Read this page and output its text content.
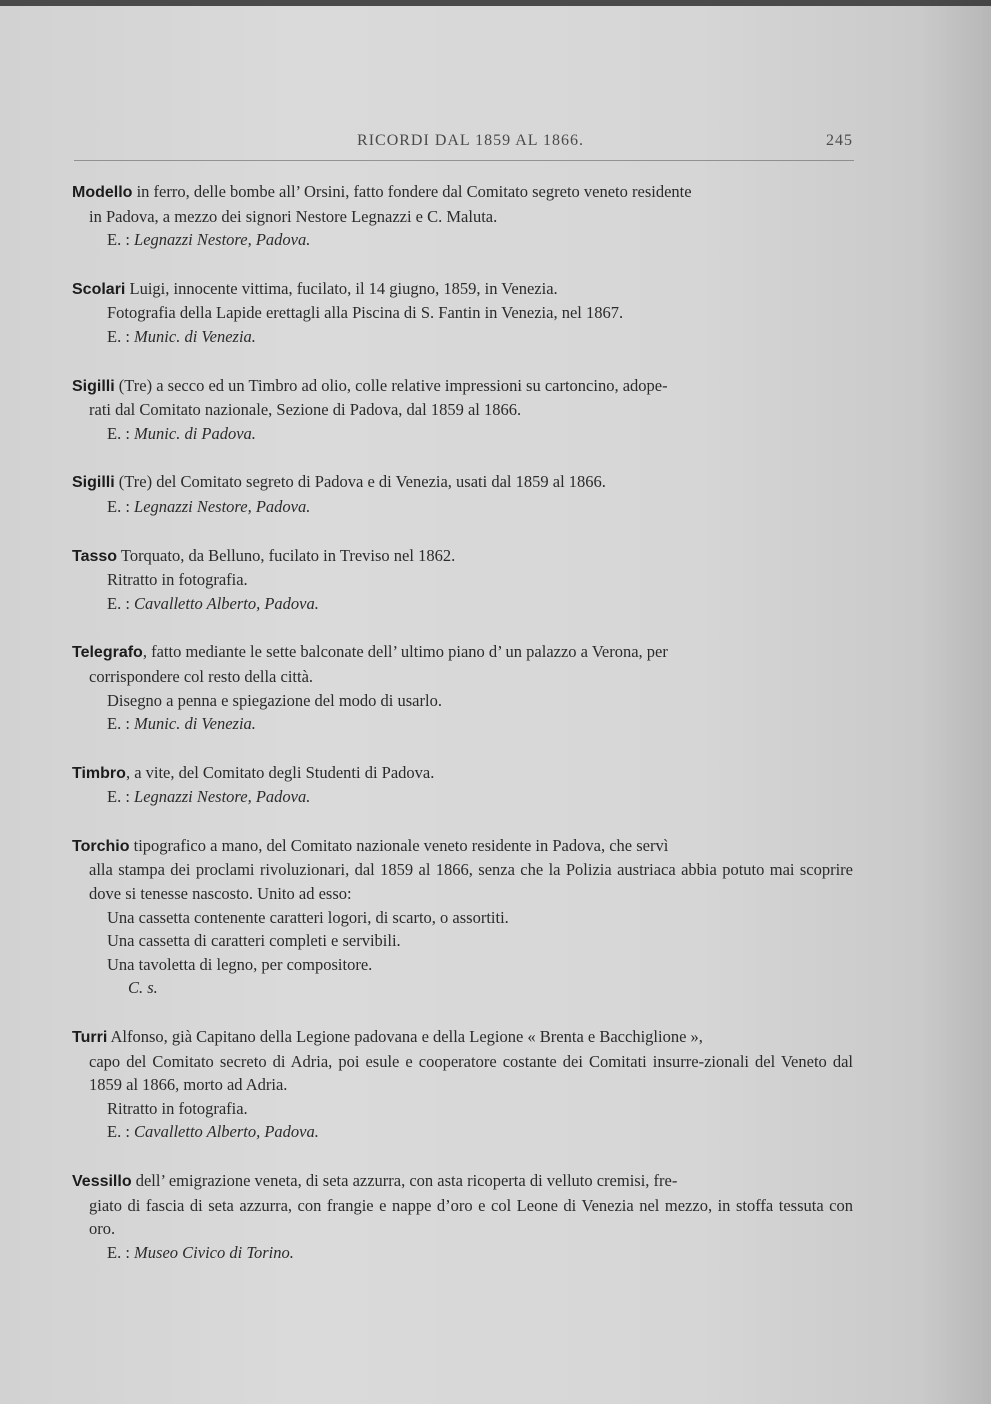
RICORDI DAL 1859 AL 1866.	245

Modello in ferro, delle bombe all’ Orsini, fatto fondere dal Comitato segreto veneto residente

in Padova, a mezzo dei signori Nestore Legnazzi e C. Maluta.

E. : Legnazzi Nestore, Padova.

Scolari Luigi, innocente vittima, fucilato, il 14 giugno, 1859, in Venezia.

Fotografia della Lapide erettagli alla Piscina di S. Fantin in Venezia, nel 1867.

E. : Munic. di Venezia.

Sigilli (Tre) a secco ed un Timbro ad olio, colle relative impressioni su cartoncino, adope-

rati dal Comitato nazionale, Sezione di Padova, dal 1859 al 1866.

E. : Munic. di Padova.

Sigilli (Tre) del Comitato segreto di Padova e di Venezia, usati dal 1859 al 1866.

E. : Legnazzi Nestore, Padova.

Tasso Torquato, da Belluno, fucilato in Treviso nel 1862.

Ritratto in fotografia.

E. : Cavalletto Alberto, Padova.

Telegrafo, fatto mediante le sette balconate dell’ ultimo piano d’ un palazzo a Verona, per

corrispondere col resto della città.

Disegno a penna e spiegazione del modo di usarlo.

E. : Munic. di Venezia.

Timbro, a vite, del Comitato degli Studenti di Padova.

E. : Legnazzi Nestore, Padova.

Torchio tipografico a mano, del Comitato nazionale veneto residente in Padova, che servì

alla stampa dei proclami rivoluzionari, dal 1859 al 1866, senza che la Polizia austriaca abbia potuto mai scoprire dove si tenesse nascosto. Unito ad esso:

Una cassetta contenente caratteri logori, di scarto, o assortiti.

Una cassetta di caratteri completi e servibili.

Una tavoletta di legno, per compositore.

C. s.

Turri Alfonso, già Capitano della Legione padovana e della Legione « Brenta e Bacchiglione »,

capo del Comitato secreto di Adria, poi esule e cooperatore costante dei Comitati insurre-zionali del Veneto dal 1859 al 1866, morto ad Adria.

Ritratto in fotografia.

E. : Cavalletto Alberto, Padova.

Vessillo dell’ emigrazione veneta, di seta azzurra, con asta ricoperta di velluto cremisi, fre-

giato di fascia di seta azzurra, con frangie e nappe d’oro e col Leone di Venezia nel mezzo, in stoffa tessuta con oro.

E. : Museo Civico di Torino.
